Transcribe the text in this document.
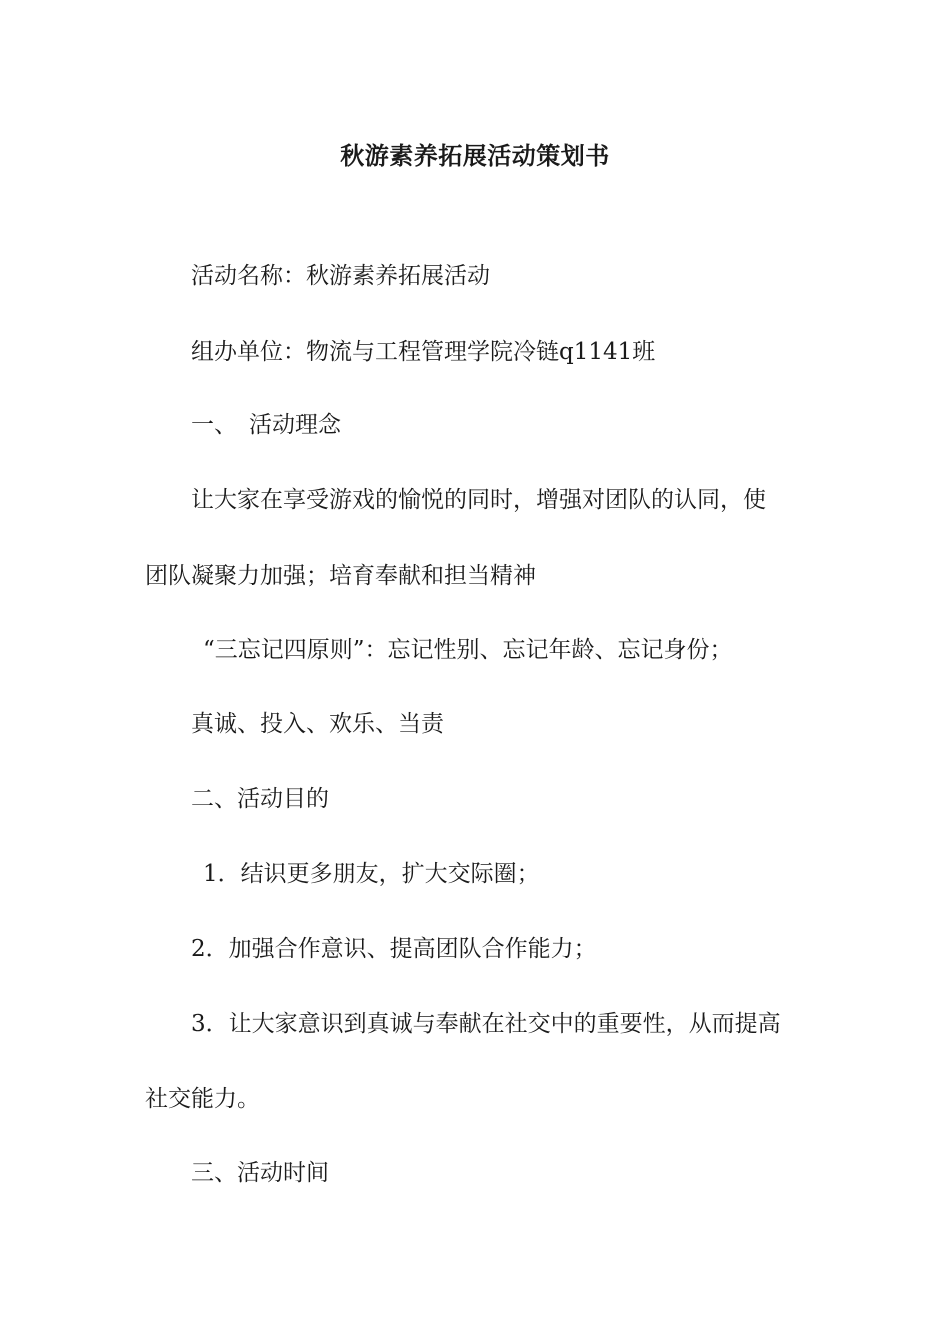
秋游素养拓展活动策划书
活动名称：秋游素养拓展活动
组办单位：物流与工程管理学院冷链q1141班
一、 活动理念
让大家在享受游戏的愉悦的同时，增强对团队的认同，使
团队凝聚力加强；培育奉献和担当精神
“三忘记四原则”：忘记性别、忘记年龄、忘记身份；
真诚、投入、欢乐、当责
二、活动目的
1．结识更多朋友，扩大交际圈；
2．加强合作意识、提高团队合作能力；
3．让大家意识到真诚与奉献在社交中的重要性，从而提高
社交能力。
三、活动时间
